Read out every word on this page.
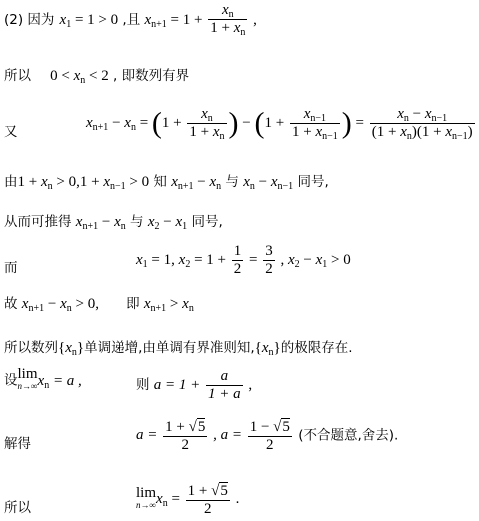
(2) 因为 $x_1 = 1 > 0$ ,且 $x_{n+1} = 1 + \frac{x_n}{1 + x_n}$ ,
所以 $0 < x_n < 2$ , 即数列有界
又
$x_{n+1} - x_n = (1 + \frac{x_n}{1 + x_n}$ ) − ($1 + \frac{x_{n-1}}{1 + x_{n-1}}$ ) = $\frac{x_n - x_{n-1}}{(1 + x_n)(1 + x_{n-1})}$
由$1 + x_n > 0,1 + x_{n-1} > 0$ 知 $x_{n+1} - x_n$ 与 $x_n - x_{n-1}$ 同号,
从而可推得 $x_{n+1} - x_n$ 与 $x_2 - x_1$ 同号,
而
$x_1 = 1$, $x_2 = 1 + \frac{1}{2} = \frac{3}{2}$ , $x_2 - x_1 > 0$
故 $x_{n+1} - x_n > 0$, 即 $x_{n+1} > x_n$
所以数列$\{x_n\}$单调递增,由单调有界准则知$,\{x_n\}$的极限存在.
设 lim
n→∞ $x_n = a$ ,	则 $a = 1 + \frac{a}{1 + a}$ ,
解得
$a = \frac{1 + √5}{2}$ , $a = \frac{1 - √5}{2}$ (不合题意,舍去).
所以
lim
n→∞ $x_n = \frac{1 + √5}{2}$ .
